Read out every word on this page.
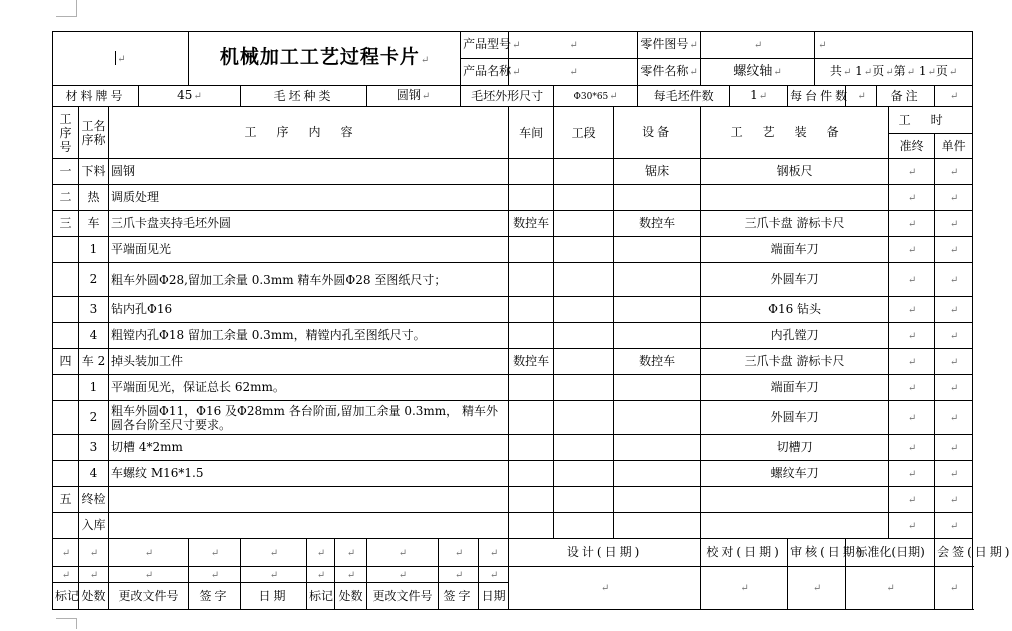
↵				机械加工工艺过程卡片↵						产品型号↵		↵			零件图号↵	↵			↵				
										产品名称↵		↵			零件名称↵	螺纹轴↵			共↵ 1↵页↵第↵ 1↵页↵				
材料牌号			45↵		毛坯种类			圆钢↵		毛坯外形尺寸			Φ30*65↵		每毛坯件数		1↵	每台件数		↵	备注		↵
工序号	工名序称	工序内容										车间	工段	设备		工艺装备						工时	
																						准终	单件
一	下料	圆钢												锯床		钢板尺						↵	↵
二	热	调质处理																				↵	↵
三	车	三爪卡盘夹持毛坯外圆										数控车		数控车		三爪卡盘 游标卡尺						↵	↵
	1	平端面见光														端面车刀						↵	↵
	2	粗车外圆Φ28,留加工余量 0.3mm 精车外圆Φ28 至图纸尺寸；														外圆车刀						↵	↵
	3	钻内孔Φ16														Φ16 钻头						↵	↵
	4	粗镗内孔Φ18 留加工余量 0.3mm，精镗内孔至图纸尺寸。														内孔镗刀						↵	↵
四	车 2	掉头装加工件										数控车		数控车		三爪卡盘 游标卡尺						↵	↵
	1	平端面见光，保证总长 62mm。														端面车刀						↵	↵
	2	粗车外圆Φ11，Φ16 及Φ28mm 各台阶面,留加工余量 0.3mm， 精车外圆各台阶至尺寸要求。														外圆车刀						↵	↵
	3	切槽 4*2mm														切槽刀						↵	↵
	4	车螺纹 M16*1.5														螺纹车刀						↵	↵
五	终检																					↵	↵
	入库																					↵	↵
↵	↵	↵		↵	↵	↵	↵	↵	↵		↵	设计(日期)				校对(日期)		审核(日期)		标准化(日期)			会签(日期)
↵	↵	↵		↵	↵	↵	↵	↵	↵		↵	↵				↵		↵		↵			↵
标记	处数	更改文件号		签字	日期	标记	处数	更改文件号	签字		日期												
